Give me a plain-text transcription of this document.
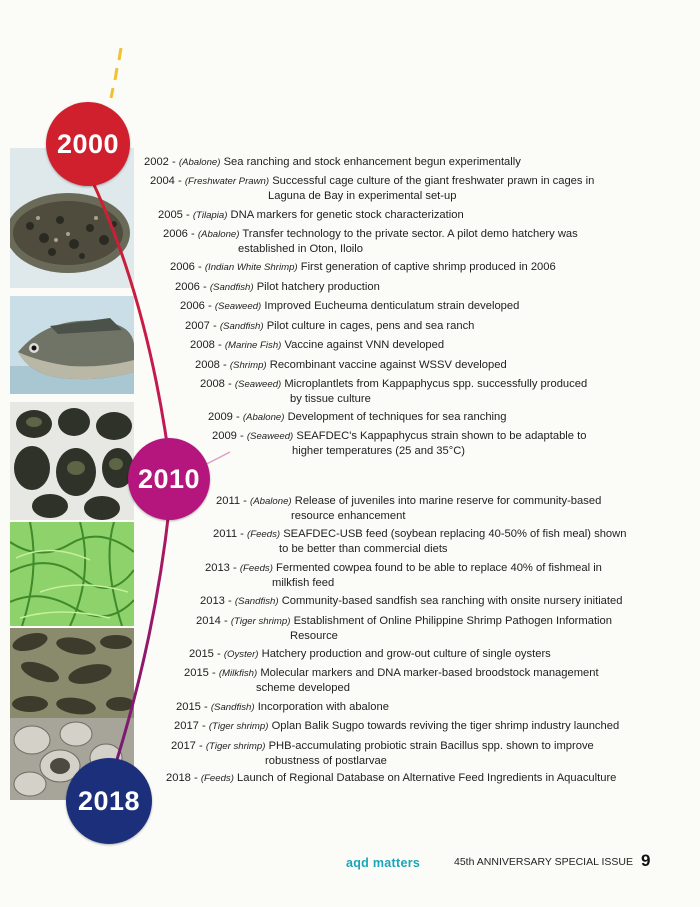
2000
2010
2018
2002 - (Abalone) Sea ranching and stock enhancement begun experimentally
2004 - (Freshwater Prawn) Successful cage culture of the giant freshwater prawn in cages in
Laguna de Bay in experimental set-up
2005 - (Tilapia) DNA markers for genetic stock characterization
2006 - (Abalone) Transfer technology to the private sector. A pilot demo hatchery was
established in Oton, Iloilo
2006 - (Indian White Shrimp) First generation of captive shrimp produced in 2006
2006 - (Sandfish) Pilot hatchery production
2006 - (Seaweed) Improved Eucheuma denticulatum strain developed
2007 - (Sandfish) Pilot culture in cages, pens and sea ranch
2008 - (Marine Fish) Vaccine against VNN developed
2008 - (Shrimp) Recombinant vaccine against WSSV developed
2008 - (Seaweed) Microplantlets from Kappaphycus spp. successfully produced
by tissue culture
2009 - (Abalone) Development of techniques for sea ranching
2009 - (Seaweed) SEAFDEC's Kappaphycus strain shown to be adaptable to
higher temperatures (25 and 35°C)
2011 - (Abalone) Release of juveniles into marine reserve for community-based
resource enhancement
2011 - (Feeds) SEAFDEC-USB feed (soybean replacing 40-50% of fish meal) shown
to be better than commercial diets
2013 - (Feeds) Fermented cowpea found to be able to replace 40% of fishmeal in
milkfish feed
2013 - (Sandfish) Community-based sandfish sea ranching with onsite nursery initiated
2014 - (Tiger shrimp) Establishment of Online Philippine Shrimp Pathogen Information
Resource
2015 - (Oyster) Hatchery production and grow-out culture of single oysters
2015 - (Milkfish) Molecular markers and DNA marker-based broodstock management
scheme developed
2015 - (Sandfish) Incorporation with abalone
2017 - (Tiger shrimp) Oplan Balik Sugpo towards reviving the tiger shrimp industry launched
2017 - (Tiger shrimp) PHB-accumulating probiotic strain Bacillus spp. shown to improve
robustness of postlarvae
2018 - (Feeds) Launch of Regional Database on Alternative Feed Ingredients in Aquaculture
aqd matters	45th ANNIVERSARY SPECIAL ISSUE 9
